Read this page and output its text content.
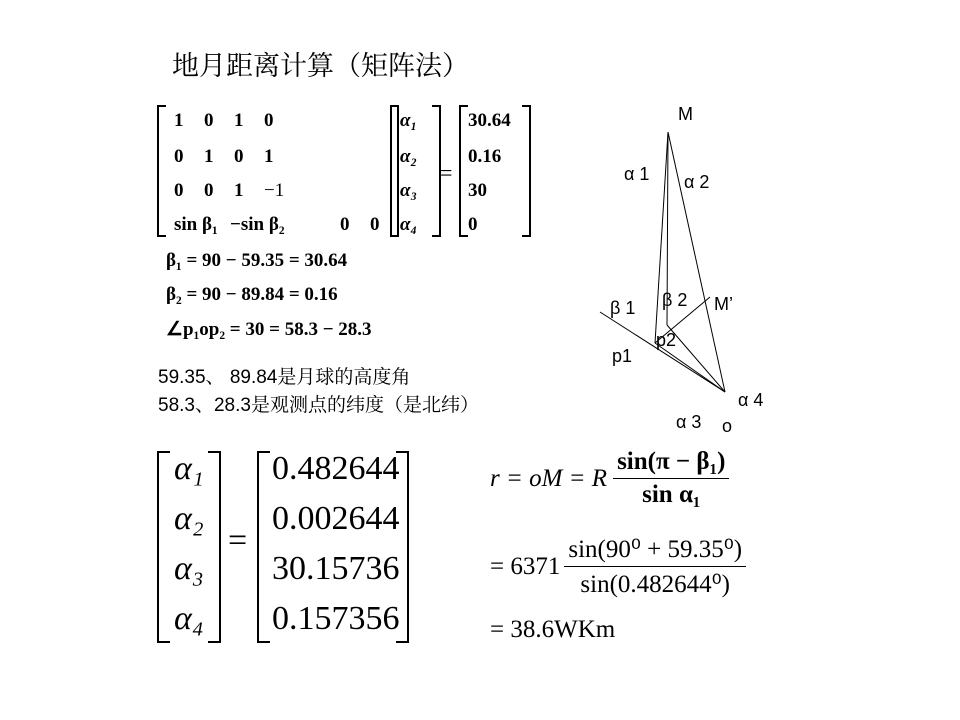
地月距离计算（矩阵法）
1 0 1 0
0 1 0 1
0 0 1 −1
sin β₁ −sin β₂	0 0
α₁
α₂
α₃
α₄
=
30.64
0.16
30
0
β₁ = 90 − 59.35 = 30.64
β₂ = 90 − 89.84 = 0.16
∠p₁op₂ = 30 = 58.3 − 28.3
59.35、 89.84是月球的高度角
58.3、28.3是观测点的纬度（是北纬）
M
α 1 α 2
β 2 M’
β 1
p2
p1
α 4
α 3 o
α₁
α₂
α₃
α₄
=
0.482644
0.002644
30.15736
0.157356
r = oM = R $\frac{\text{sin(π − β₁)}}{\text{sin α₁}}$
= $6371 \frac{\text{sin(90⁰ + 59.35⁰)}}{\text{sin(0.482644⁰)}}$
= 38.6WKm
